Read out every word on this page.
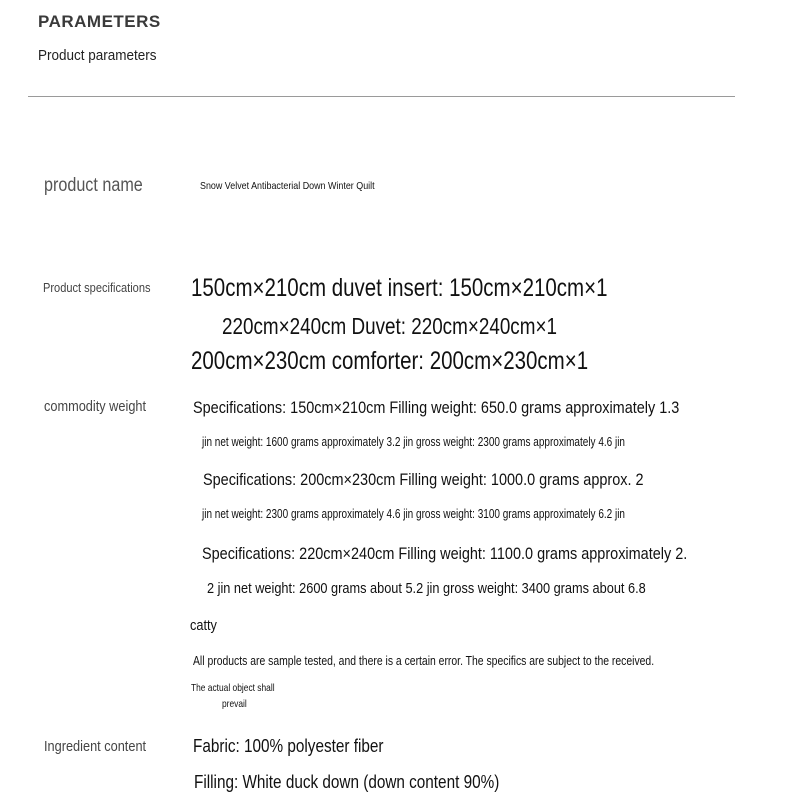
PARAMETERS
Product parameters
product name	Snow Velvet Antibacterial Down Winter Quilt
Product specifications 150cm×210cm duvet insert: 150cm×210cm×1
220cm×240cm Duvet: 220cm×240cm×1
200cm×230cm comforter: 200cm×230cm×1
commodity weight	Specifications: 150cm×210cm Filling weight: 650.0 grams approximately 1.3
jin net weight: 1600 grams approximately 3.2 jin gross weight: 2300 grams approximately 4.6 jin
Specifications: 200cm×230cm Filling weight: 1000.0 grams approx. 2
jin net weight: 2300 grams approximately 4.6 jin gross weight: 3100 grams approximately 6.2 jin
Specifications: 220cm×240cm Filling weight: 1100.0 grams approximately 2.
2 jin net weight: 2600 grams about 5.2 jin gross weight: 3400 grams about 6.8
catty
All products are sample tested, and there is a certain error. The specifics are subject to the received.
The actual object shall
prevail
Ingredient content	Fabric: 100% polyester fiber
Filling: White duck down (down content 90%)
